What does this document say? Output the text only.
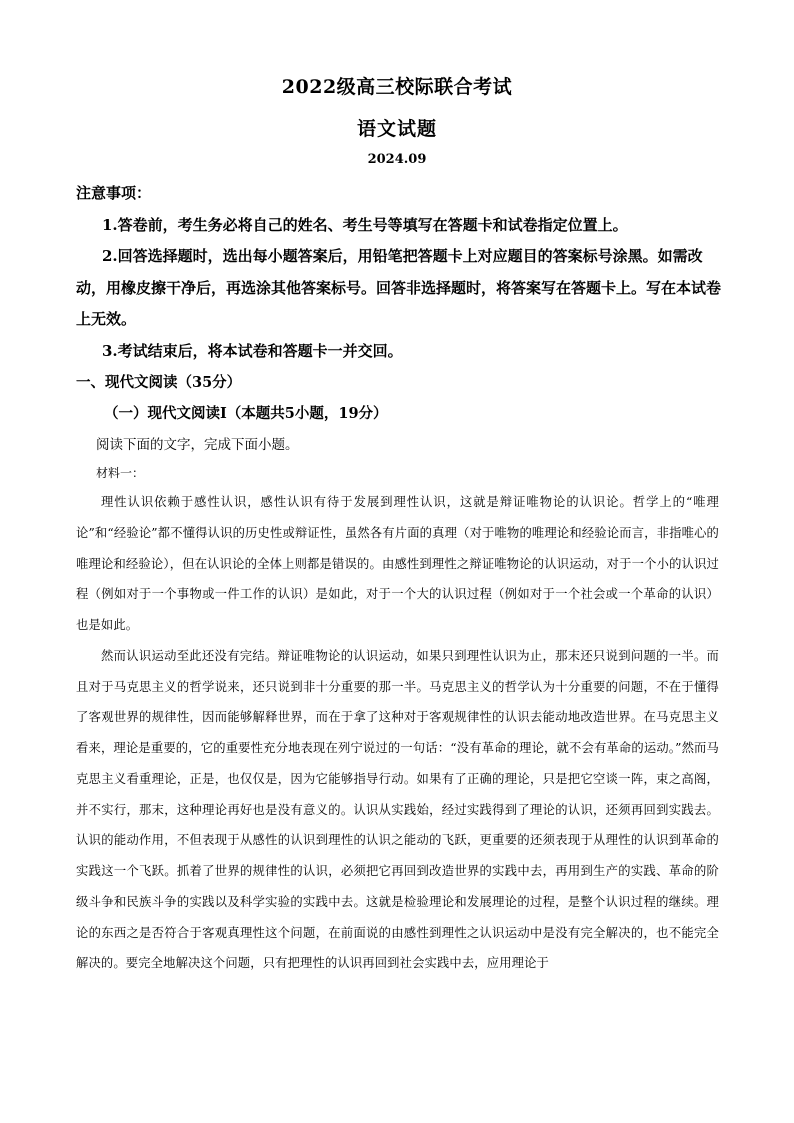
2022级高三校际联合考试
语文试题
2024.09

注意事项：

1.答卷前，考生务必将自己的姓名、考生号等填写在答题卡和试卷指定位置上。

2.回答选择题时，选出每小题答案后，用铅笔把答题卡上对应题目的答案标号涂黑。如需改动，用橡皮擦干净后，再选涂其他答案标号。回答非选择题时，将答案写在答题卡上。写在本试卷上无效。

3.考试结束后，将本试卷和答题卡一并交回。

一、现代文阅读（35分）
（一）现代文阅读Ⅰ（本题共5小题，19分）
阅读下面的文字，完成下面小题。
材料一：

理性认识依赖于感性认识，感性认识有待于发展到理性认识，这就是辩证唯物论的认识论。哲学上的“唯理论”和“经验论”都不懂得认识的历史性或辩证性，虽然各有片面的真理（对于唯物的唯理论和经验论而言，非指唯心的唯理论和经验论），但在认识论的全体上则都是错误的。由感性到理性之辩证唯物论的认识运动，对于一个小的认识过程（例如对于一个事物或一件工作的认识）是如此，对于一个大的认识过程（例如对于一个社会或一个革命的认识）也是如此。

然而认识运动至此还没有完结。辩证唯物论的认识运动，如果只到理性认识为止，那末还只说到问题的一半。而且对于马克思主义的哲学说来，还只说到非十分重要的那一半。马克思主义的哲学认为十分重要的问题，不在于懂得了客观世界的规律性，因而能够解释世界，而在于拿了这种对于客观规律性的认识去能动地改造世界。在马克思主义看来，理论是重要的，它的重要性充分地表现在列宁说过的一句话：“没有革命的理论，就不会有革命的运动。”然而马克思主义看重理论，正是，也仅仅是，因为它能够指导行动。如果有了正确的理论，只是把它空谈一阵，束之高阁，并不实行，那末，这种理论再好也是没有意义的。认识从实践始，经过实践得到了理论的认识，还须再回到实践去。认识的能动作用，不但表现于从感性的认识到理性的认识之能动的飞跃，更重要的还须表现于从理性的认识到革命的实践这一个飞跃。抓着了世界的规律性的认识，必须把它再回到改造世界的实践中去，再用到生产的实践、革命的阶级斗争和民族斗争的实践以及科学实验的实践中去。这就是检验理论和发展理论的过程，是整个认识过程的继续。理论的东西之是否符合于客观真理性这个问题，在前面说的由感性到理性之认识运动中是没有完全解决的，也不能完全解决的。要完全地解决这个问题，只有把理性的认识再回到社会实践中去，应用理论于
